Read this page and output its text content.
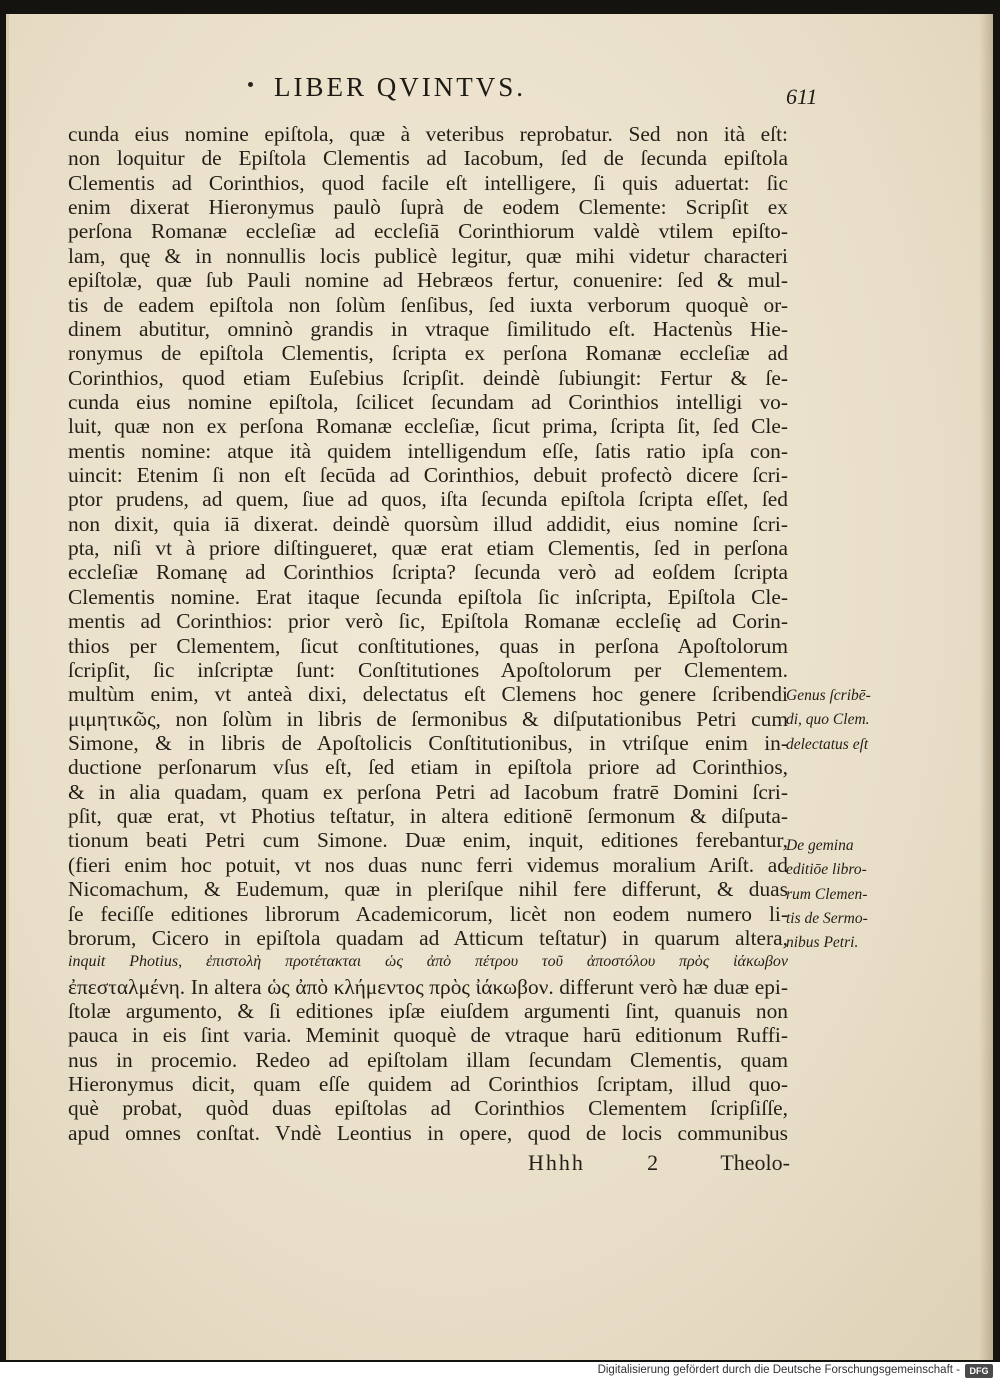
LIBER QVINTVS.	611
cunda eius nomine epiſtola, quæ à veteribus reprobatur. Sed non ità eſt:
non loquitur de Epiſtola Clementis ad Iacobum, ſed de ſecunda epiſtola
Clementis ad Corinthios, quod facile eſt intelligere, ſi quis aduertat: ſic
enim dixerat Hieronymus paulò ſuprà de eodem Clemente: Scripſit ex
perſona Romanæ eccleſiæ ad eccleſiā Corinthiorum valdè vtilem epiſto-
lam, quę & in nonnullis locis publicè legitur, quæ mihi videtur characteri
epiſtolæ, quæ ſub Pauli nomine ad Hebræos fertur, conuenire: ſed & mul-
tis de eadem epiſtola non ſolùm ſenſibus, ſed iuxta verborum quoquè or-
dinem abutitur, omninò grandis in vtraque ſimilitudo eſt. Hactenùs Hie-
ronymus de epiſtola Clementis, ſcripta ex perſona Romanæ eccleſiæ ad
Corinthios, quod etiam Euſebius ſcripſit. deindè ſubiungit: Fertur & ſe-
cunda eius nomine epiſtola, ſcilicet ſecundam ad Corinthios intelligi vo-
luit, quæ non ex perſona Romanæ eccleſiæ, ſicut prima, ſcripta ſit, ſed Cle-
mentis nomine: atque ità quidem intelligendum eſſe, ſatis ratio ipſa con-
uincit: Etenim ſi non eſt ſecūda ad Corinthios, debuit profectò dicere ſcri-
ptor prudens, ad quem, ſiue ad quos, iſta ſecunda epiſtola ſcripta eſſet, ſed
non dixit, quia iā dixerat. deindè quorsùm illud addidit, eius nomine ſcri-
pta, niſi vt à priore diſtingueret, quæ erat etiam Clementis, ſed in perſona
eccleſiæ Romanę ad Corinthios ſcripta? ſecunda verò ad eoſdem ſcripta
Clementis nomine. Erat itaque ſecunda epiſtola ſic inſcripta, Epiſtola Cle-
mentis ad Corinthios: prior verò ſic, Epiſtola Romanæ eccleſię ad Corin-
thios per Clementem, ſicut conſtitutiones, quas in perſona Apoſtolorum
ſcripſit, ſic inſcriptæ ſunt: Conſtitutiones Apoſtolorum per Clementem.
multùm enim, vt anteà dixi, delectatus eſt Clemens hoc genere ſcribendi
μιμητικῶς, non ſolùm in libris de ſermonibus & diſputationibus Petri cum
Simone, & in libris de Apoſtolicis Conſtitutionibus, in vtriſque enim in-
ductione perſonarum vſus eſt, ſed etiam in epiſtola priore ad Corinthios,
& in alia quadam, quam ex perſona Petri ad Iacobum fratrē Domini ſcri-
pſit, quæ erat, vt Photius teſtatur, in altera editionē ſermonum & diſputa-
tionum beati Petri cum Simone. Duæ enim, inquit, editiones ferebantur,
(fieri enim hoc potuit, vt nos duas nunc ferri videmus moralium Ariſt. ad
Nicomachum, & Eudemum, quæ in pleriſque nihil fere differunt, & duas
ſe feciſſe editiones librorum Academicorum, licèt non eodem numero li-
brorum, Cicero in epiſtola quadam ad Atticum teſtatur) in quarum altera,
inquit Photius, ἐπιστολὴ προτέτακται ὡς ἀπὸ πέτρου τοῦ ἀποστόλου πρὸς ἰάκωβον
ἐπεσταλμένη. In altera ὡς ἀπὸ κλήμεντος πρὸς ἰάκωβον. differunt verò hæ duæ epi-
ſtolæ argumento, & ſi editiones ipſæ eiuſdem argumenti ſint, quanuis non
pauca in eis ſint varia. Meminit quoquè de vtraque harū editionum Ruffi-
nus in procemio. Redeo ad epiſtolam illam ſecundam Clementis, quam
Hieronymus dicit, quam eſſe quidem ad Corinthios ſcriptam, illud quo-
què probat, quòd duas epiſtolas ad Corinthios Clementem ſcripſiſſe,
apud omnes conſtat. Vndè Leontius in opere, quod de locis communibus
Hhhh	2	Theolo-
Genus ſcribē-
di, quo Clem.
delectatus eſt
De gemina
editiōe libro-
rum Clemen-
tis de Sermo-
nibus Petri.
Digitalisierung gefördert durch die Deutsche Forschungsgemeinschaft -	DFG
